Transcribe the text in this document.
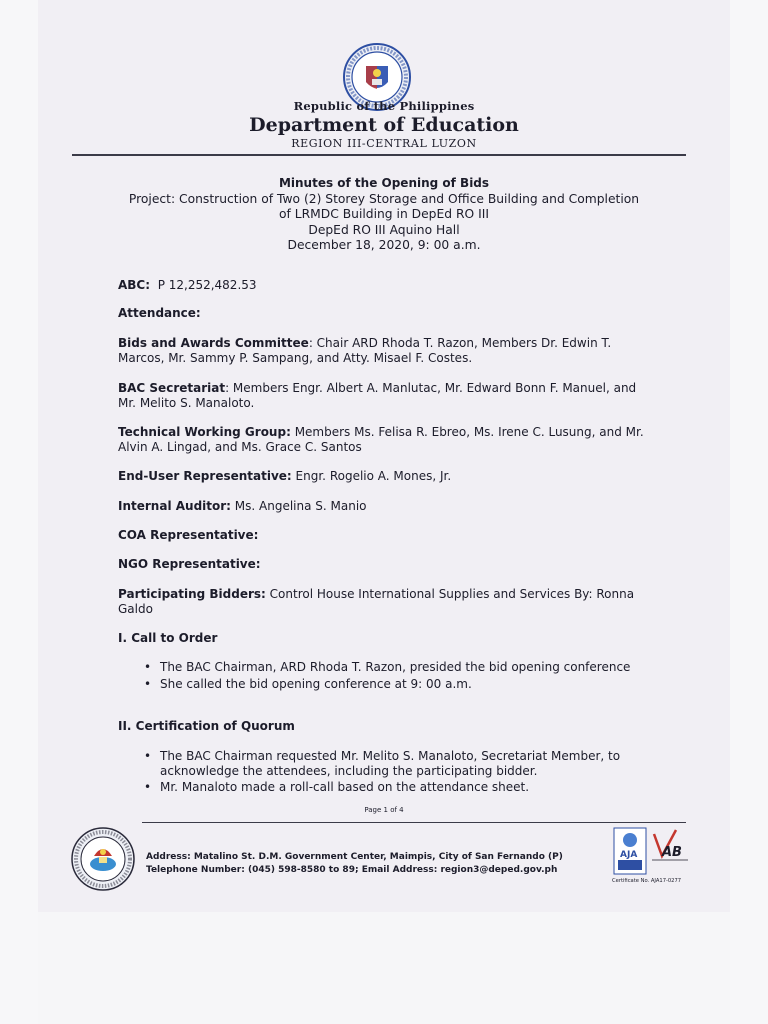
Republic of the Philippines
Department of Education
REGION III-CENTRAL LUZON
Minutes of the Opening of Bids
Project: Construction of Two (2) Storey Storage and Office Building and Completion
of LRMDC Building in DepEd RO III
DepEd RO III Aquino Hall
December 18, 2020, 9: 00 a.m.
ABC: P 12,252,482.53
Attendance:
Bids and Awards Committee: Chair ARD Rhoda T. Razon, Members Dr. Edwin T. Marcos, Mr. Sammy P. Sampang, and Atty. Misael F. Costes.
BAC Secretariat: Members Engr. Albert A. Manlutac, Mr. Edward Bonn F. Manuel, and Mr. Melito S. Manaloto.
Technical Working Group: Members Ms. Felisa R. Ebreo, Ms. Irene C. Lusung, and Mr. Alvin A. Lingad, and Ms. Grace C. Santos
End-User Representative: Engr. Rogelio A. Mones, Jr.
Internal Auditor: Ms. Angelina S. Manio
COA Representative:
NGO Representative:
Participating Bidders: Control House International Supplies and Services By: Ronna Galdo
I. Call to Order
• The BAC Chairman, ARD Rhoda T. Razon, presided the bid opening conference
• She called the bid opening conference at 9: 00 a.m.
II. Certification of Quorum
• The BAC Chairman requested Mr. Melito S. Manaloto, Secretariat Member, to acknowledge the attendees, including the participating bidder.
• Mr. Manaloto made a roll-call based on the attendance sheet.
Page 1 of 4
Address: Matalino St. D.M. Government Center, Maimpis, City of San Fernando (P)
Telephone Number: (045) 598-8580 to 89; Email Address: region3@deped.gov.ph
AJA AB
Certificate No. AJA17-0277
